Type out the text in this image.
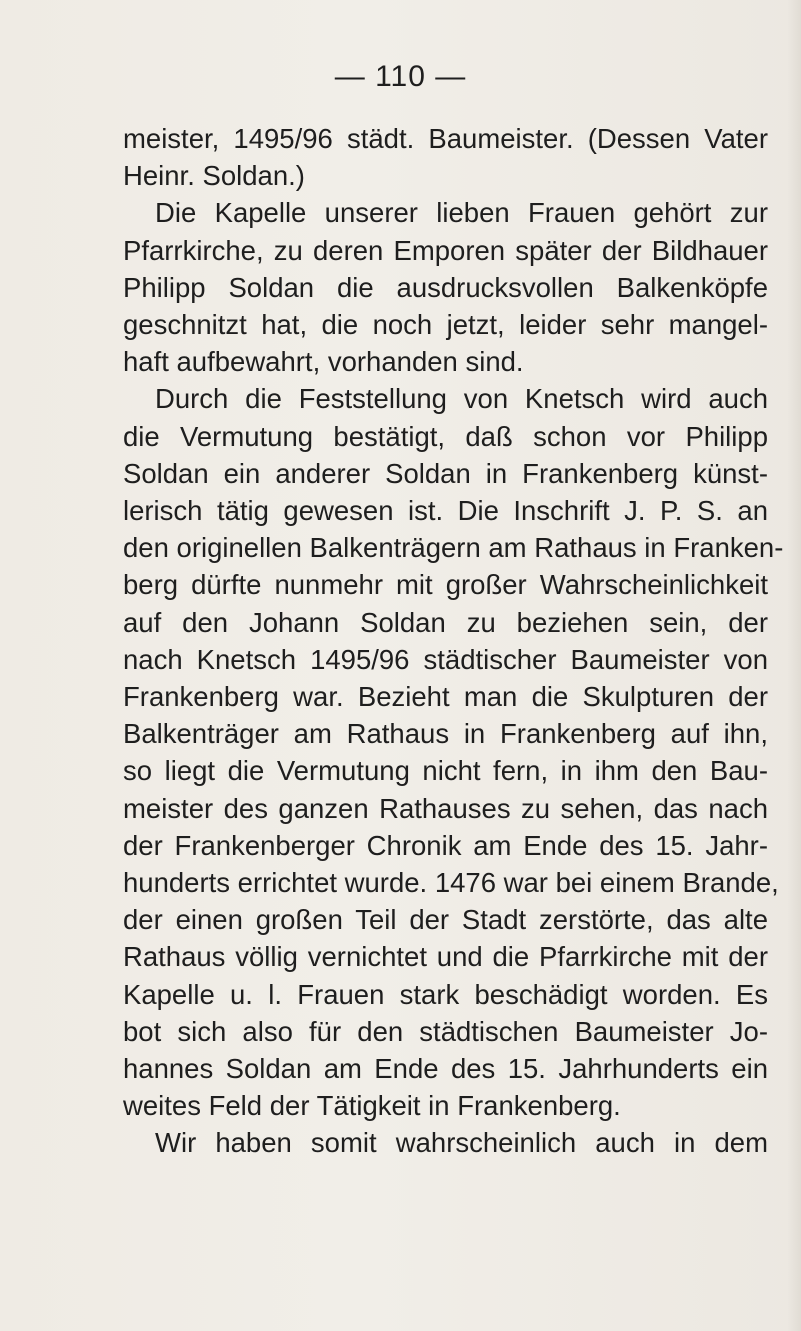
— 110 —
meister, 1495/96 städt. Baumeister. (Dessen Vater
Heinr. Soldan.)
Die Kapelle unserer lieben Frauen gehört zur
Pfarrkirche, zu deren Emporen später der Bildhauer
Philipp Soldan die ausdrucksvollen Balkenköpfe
geschnitzt hat, die noch jetzt, leider sehr mangel-
haft aufbewahrt, vorhanden sind.
Durch die Feststellung von Knetsch wird auch
die Vermutung bestätigt, daß schon vor Philipp
Soldan ein anderer Soldan in Frankenberg künst-
lerisch tätig gewesen ist. Die Inschrift J. P. S. an
den originellen Balkenträgern am Rathaus in Franken-
berg dürfte nunmehr mit großer Wahrscheinlichkeit
auf den Johann Soldan zu beziehen sein, der
nach Knetsch 1495/96 städtischer Baumeister von
Frankenberg war. Bezieht man die Skulpturen der
Balkenträger am Rathaus in Frankenberg auf ihn,
so liegt die Vermutung nicht fern, in ihm den Bau-
meister des ganzen Rathauses zu sehen, das nach
der Frankenberger Chronik am Ende des 15. Jahr-
hunderts errichtet wurde. 1476 war bei einem Brande,
der einen großen Teil der Stadt zerstörte, das alte
Rathaus völlig vernichtet und die Pfarrkirche mit der
Kapelle u. l. Frauen stark beschädigt worden. Es
bot sich also für den städtischen Baumeister Jo-
hannes Soldan am Ende des 15. Jahrhunderts ein
weites Feld der Tätigkeit in Frankenberg.
Wir haben somit wahrscheinlich auch in dem
